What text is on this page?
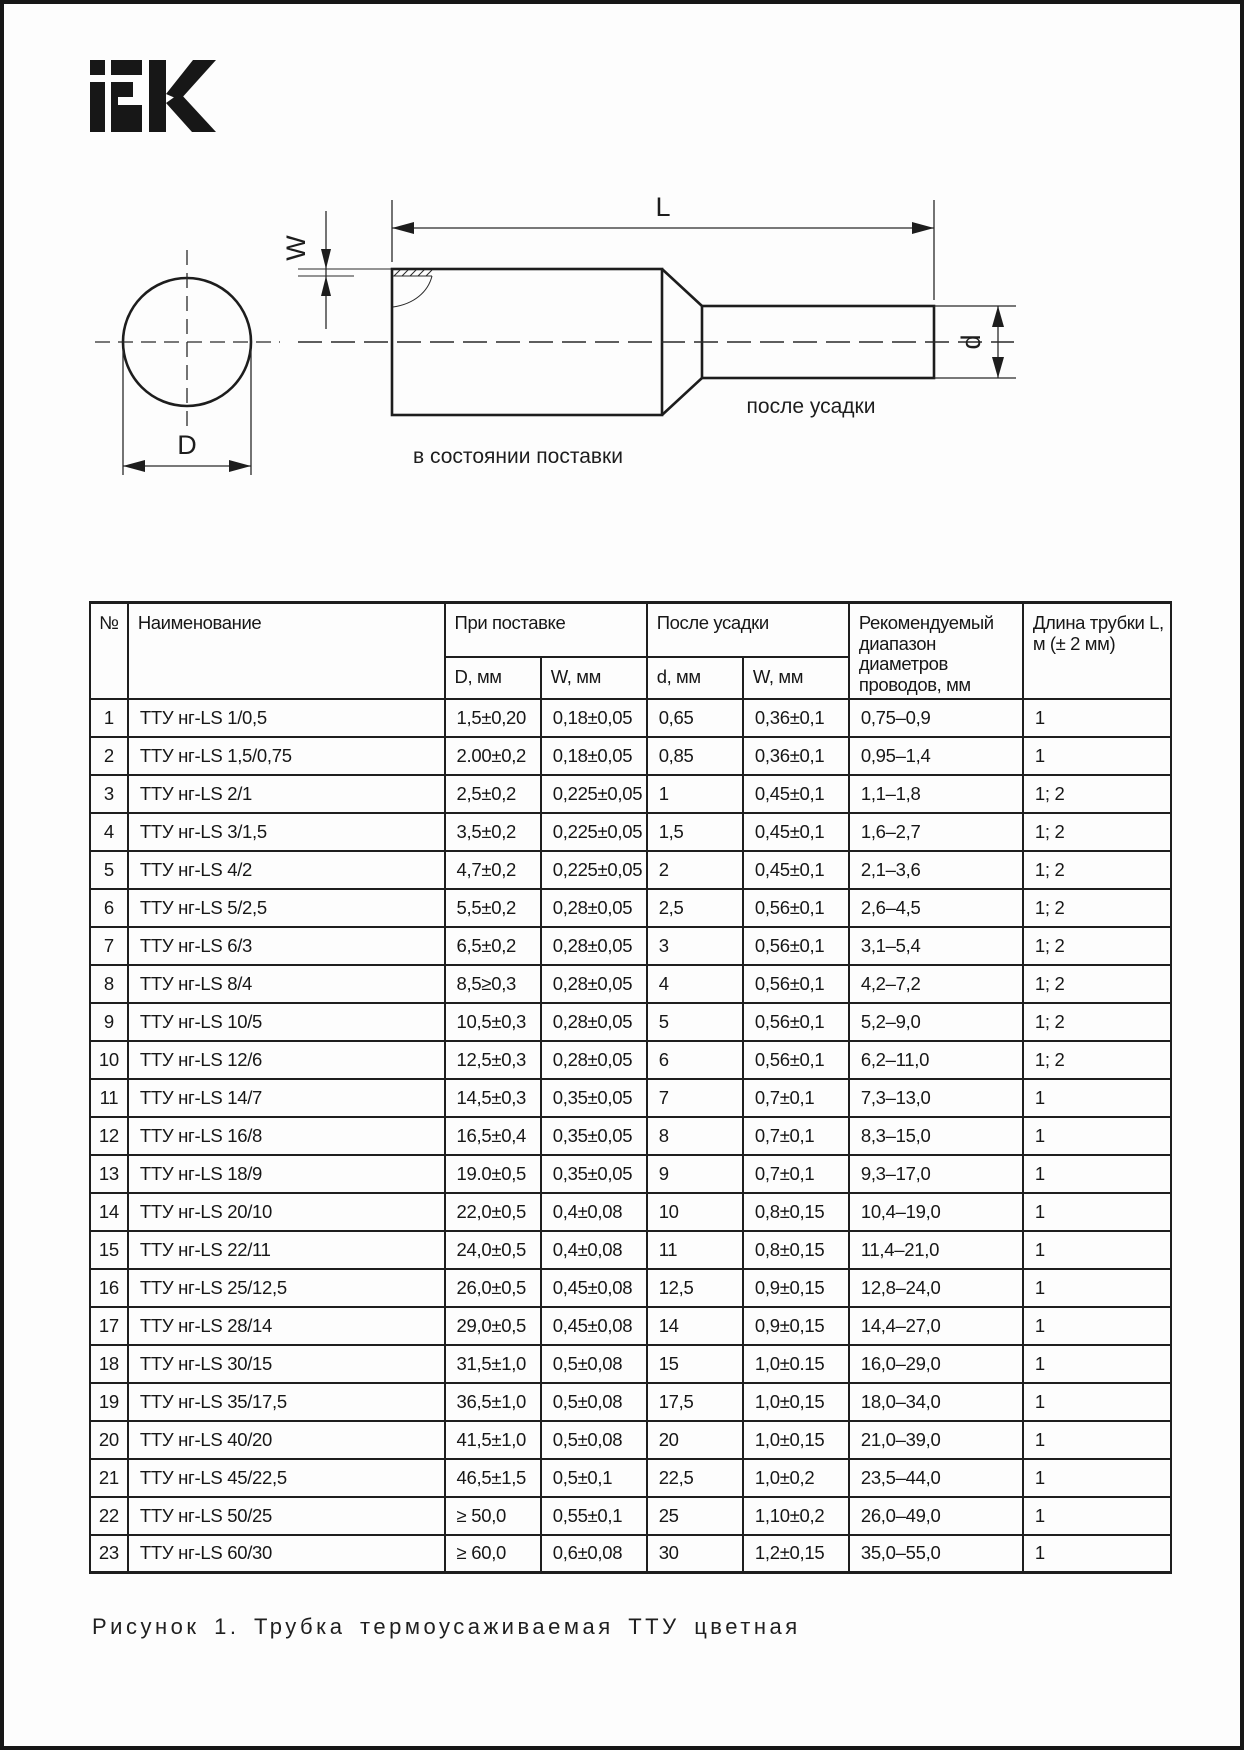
D
W
L
d
в состоянии поставки
после усадки
№	Наименование	При поставке		После усадки		Рекомендуемый диапазон диаметров проводов, мм	Длина трубки L, м (± 2 мм)
		D, мм	W, мм	d, мм	W, мм		
1	ТТУ нг-LS 1/0,5	1,5±0,20	0,18±0,05	0,65	0,36±0,1	0,75–0,9	1
2	ТТУ нг-LS 1,5/0,75	2.00±0,2	0,18±0,05	0,85	0,36±0,1	0,95–1,4	1
3	ТТУ нг-LS 2/1	2,5±0,2	0,225±0,05	1	0,45±0,1	1,1–1,8	1; 2
4	ТТУ нг-LS 3/1,5	3,5±0,2	0,225±0,05	1,5	0,45±0,1	1,6–2,7	1; 2
5	ТТУ нг-LS 4/2	4,7±0,2	0,225±0,05	2	0,45±0,1	2,1–3,6	1; 2
6	ТТУ нг-LS 5/2,5	5,5±0,2	0,28±0,05	2,5	0,56±0,1	2,6–4,5	1; 2
7	ТТУ нг-LS 6/3	6,5±0,2	0,28±0,05	3	0,56±0,1	3,1–5,4	1; 2
8	ТТУ нг-LS 8/4	8,5≥0,3	0,28±0,05	4	0,56±0,1	4,2–7,2	1; 2
9	ТТУ нг-LS 10/5	10,5±0,3	0,28±0,05	5	0,56±0,1	5,2–9,0	1; 2
10	ТТУ нг-LS 12/6	12,5±0,3	0,28±0,05	6	0,56±0,1	6,2–11,0	1; 2
11	ТТУ нг-LS 14/7	14,5±0,3	0,35±0,05	7	0,7±0,1	7,3–13,0	1
12	ТТУ нг-LS 16/8	16,5±0,4	0,35±0,05	8	0,7±0,1	8,3–15,0	1
13	ТТУ нг-LS 18/9	19.0±0,5	0,35±0,05	9	0,7±0,1	9,3–17,0	1
14	ТТУ нг-LS 20/10	22,0±0,5	0,4±0,08	10	0,8±0,15	10,4–19,0	1
15	ТТУ нг-LS 22/11	24,0±0,5	0,4±0,08	11	0,8±0,15	11,4–21,0	1
16	ТТУ нг-LS 25/12,5	26,0±0,5	0,45±0,08	12,5	0,9±0,15	12,8–24,0	1
17	ТТУ нг-LS 28/14	29,0±0,5	0,45±0,08	14	0,9±0,15	14,4–27,0	1
18	ТТУ нг-LS 30/15	31,5±1,0	0,5±0,08	15	1,0±0.15	16,0–29,0	1
19	ТТУ нг-LS 35/17,5	36,5±1,0	0,5±0,08	17,5	1,0±0,15	18,0–34,0	1
20	ТТУ нг-LS 40/20	41,5±1,0	0,5±0,08	20	1,0±0,15	21,0–39,0	1
21	ТТУ нг-LS 45/22,5	46,5±1,5	0,5±0,1	22,5	1,0±0,2	23,5–44,0	1
22	ТТУ нг-LS 50/25	≥ 50,0	0,55±0,1	25	1,10±0,2	26,0–49,0	1
23	ТТУ нг-LS 60/30	≥ 60,0	0,6±0,08	30	1,2±0,15	35,0–55,0	1
Рисунок 1. Трубка термоусаживаемая ТТУ цветная
